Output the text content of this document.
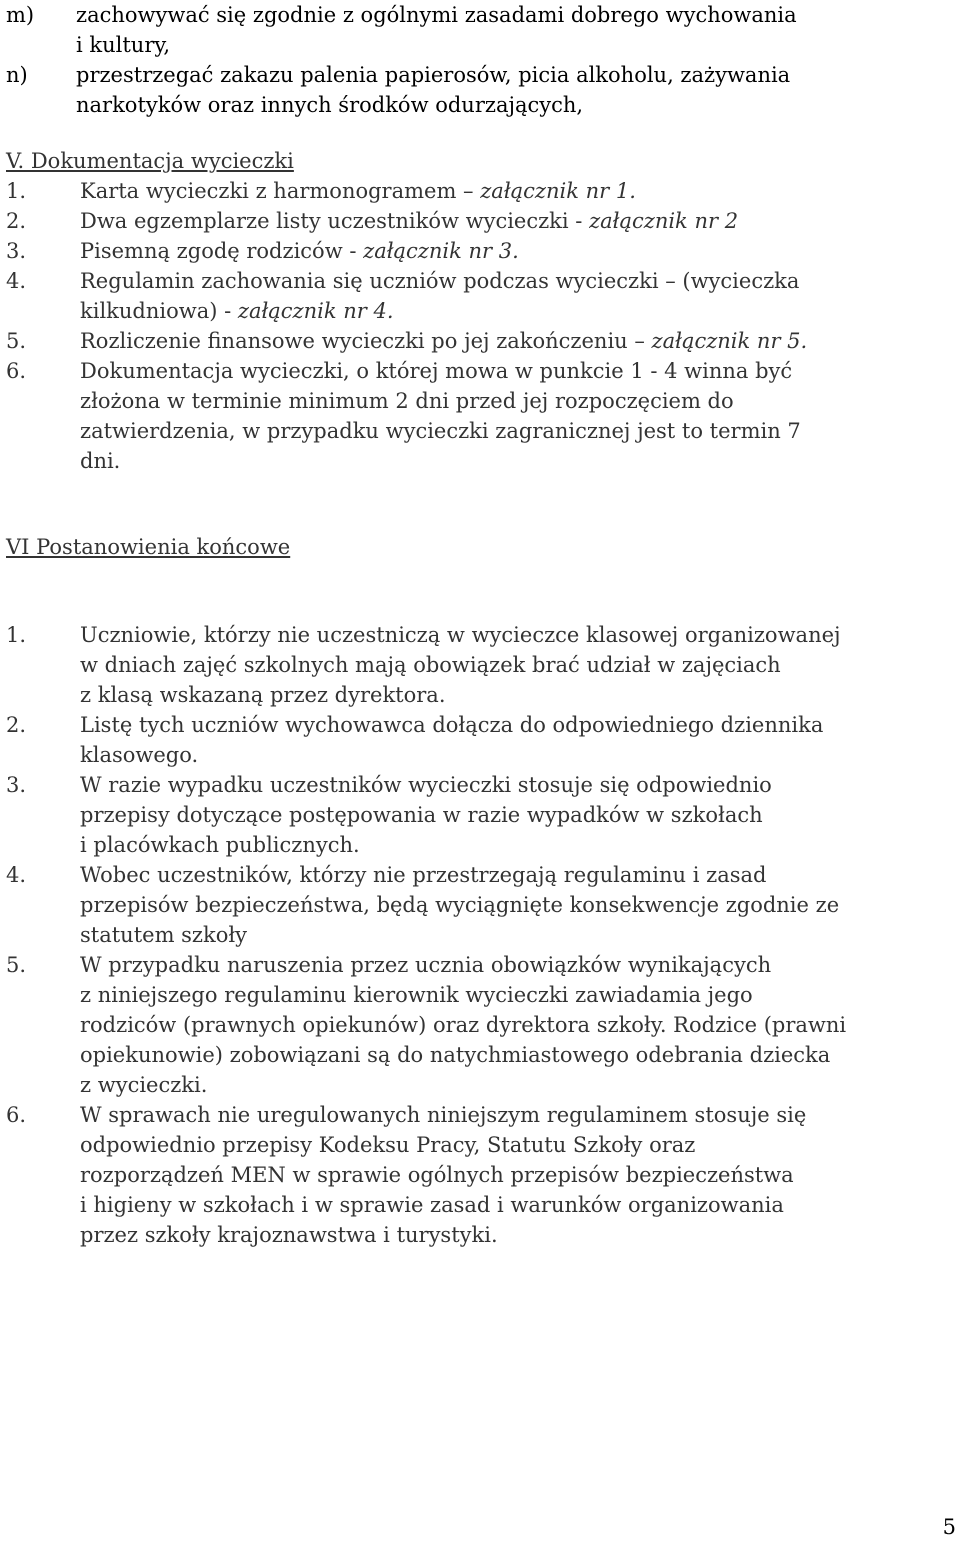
m)	zachowywać się zgodnie z ogólnymi zasadami dobrego wychowania
i kultury,
n)	przestrzegać zakazu palenia papierosów, picia alkoholu, zażywania
narkotyków oraz innych środków odurzających,
V. Dokumentacja wycieczki
1.	Karta wycieczki z harmonogramem – załącznik nr 1.
2.	Dwa egzemplarze listy uczestników wycieczki - załącznik nr 2
3.	Pisemną zgodę rodziców - załącznik nr 3.
4.	Regulamin zachowania się uczniów podczas wycieczki – (wycieczka
kilkudniowa) - załącznik nr 4.
5.	Rozliczenie finansowe wycieczki po jej zakończeniu – załącznik nr 5.
6.	Dokumentacja wycieczki, o której mowa w punkcie 1 - 4 winna być
złożona w terminie minimum 2 dni przed jej rozpoczęciem do
zatwierdzenia, w przypadku wycieczki zagranicznej jest to termin 7
dni.
VI Postanowienia końcowe
1.	Uczniowie, którzy nie uczestniczą w wycieczce klasowej organizowanej
w dniach zajęć szkolnych mają obowiązek brać udział w zajęciach
z klasą wskazaną przez dyrektora.
2.	Listę tych uczniów wychowawca dołącza do odpowiedniego dziennika
klasowego.
3.	W razie wypadku uczestników wycieczki stosuje się odpowiednio
przepisy dotyczące postępowania w razie wypadków w szkołach
i placówkach publicznych.
4.	Wobec uczestników, którzy nie przestrzegają regulaminu i zasad
przepisów bezpieczeństwa, będą wyciągnięte konsekwencje zgodnie ze
statutem szkoły
5.	W przypadku naruszenia przez ucznia obowiązków wynikających
z niniejszego regulaminu kierownik wycieczki zawiadamia jego
rodziców (prawnych opiekunów) oraz dyrektora szkoły. Rodzice (prawni
opiekunowie) zobowiązani są do natychmiastowego odebrania dziecka
z wycieczki.
6.	W sprawach nie uregulowanych niniejszym regulaminem stosuje się
odpowiednio przepisy Kodeksu Pracy, Statutu Szkoły oraz
rozporządzeń MEN w sprawie ogólnych przepisów bezpieczeństwa
i higieny w szkołach i w sprawie zasad i warunków organizowania
przez szkoły krajoznawstwa i turystyki.
5
